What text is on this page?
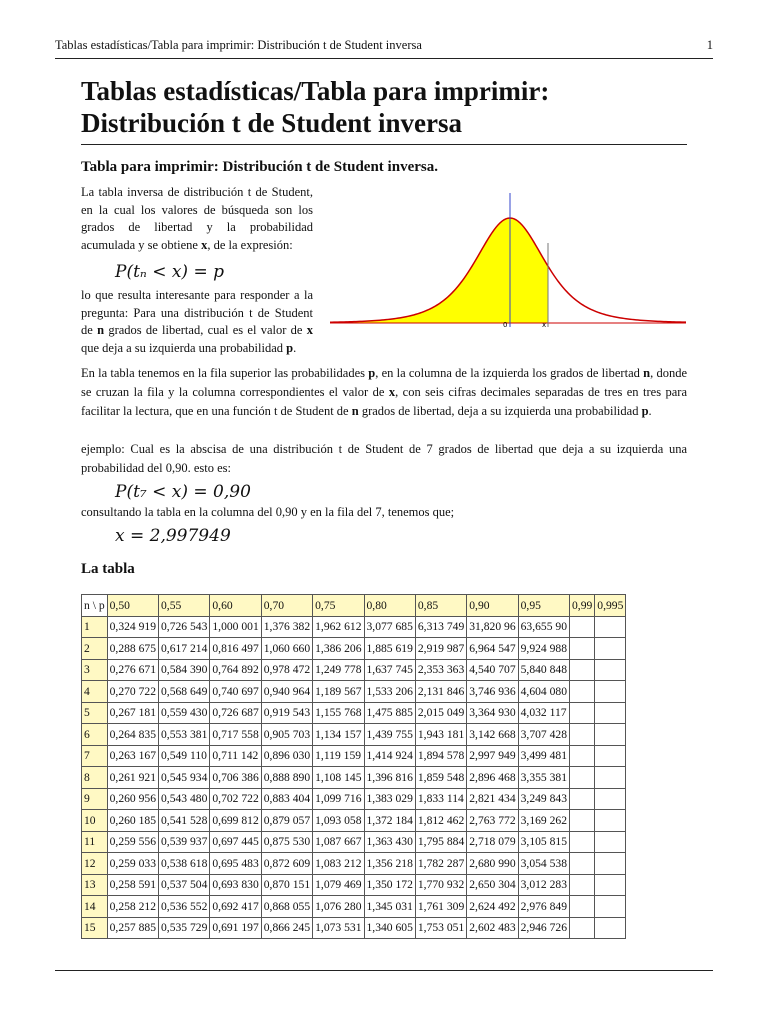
Tablas estadísticas/Tabla para imprimir: Distribución t de Student inversa	1
Tablas estadísticas/Tabla para imprimir:
Distribución t de Student inversa
Tabla para imprimir: Distribución t de Student inversa.

La tabla inversa de distribución t de Student, en la cual los valores de búsqueda son los grados de libertad y la probabilidad acumulada y se obtiene x, de la expresión:

P(tₙ < x) = p

lo que resulta interesante para responder a la pregunta: Para una distribución t de Student de n grados de libertad, cual es el valor de x que deja a su izquierda una probabilidad p.

0	x

En la tabla tenemos en la fila superior las probabilidades p, en la columna de la izquierda los grados de libertad n, donde se cruzan la fila y la columna correspondientes el valor de x, con seis cifras decimales separadas de tres en tres para facilitar la lectura, que en una función t de Student de n grados de libertad, deja a su izquierda una probabilidad p.

ejemplo: Cual es la abscisa de una distribución t de Student de 7 grados de libertad que deja a su izquierda una probabilidad del 0,90. esto es:

P(t₇ < x) = 0,90

consultando la tabla en la columna del 0,90 y en la fila del 7, tenemos que;

x = 2,997949
La tabla
n \ p	0,50	0,55	0,60	0,70	0,75	0,80	0,85	0,90	0,95	0,99	0,995
1	0,324 919	0,726 543	1,000 001	1,376 382	1,962 612	3,077 685	6,313 749	31,820 96	63,655 90		
2	0,288 675	0,617 214	0,816 497	1,060 660	1,386 206	1,885 619	2,919 987	6,964 547	9,924 988		
3	0,276 671	0,584 390	0,764 892	0,978 472	1,249 778	1,637 745	2,353 363	4,540 707	5,840 848		
4	0,270 722	0,568 649	0,740 697	0,940 964	1,189 567	1,533 206	2,131 846	3,746 936	4,604 080		
5	0,267 181	0,559 430	0,726 687	0,919 543	1,155 768	1,475 885	2,015 049	3,364 930	4,032 117		
6	0,264 835	0,553 381	0,717 558	0,905 703	1,134 157	1,439 755	1,943 181	3,142 668	3,707 428		
7	0,263 167	0,549 110	0,711 142	0,896 030	1,119 159	1,414 924	1,894 578	2,997 949	3,499 481		
8	0,261 921	0,545 934	0,706 386	0,888 890	1,108 145	1,396 816	1,859 548	2,896 468	3,355 381		
9	0,260 956	0,543 480	0,702 722	0,883 404	1,099 716	1,383 029	1,833 114	2,821 434	3,249 843		
10	0,260 185	0,541 528	0,699 812	0,879 057	1,093 058	1,372 184	1,812 462	2,763 772	3,169 262		
11	0,259 556	0,539 937	0,697 445	0,875 530	1,087 667	1,363 430	1,795 884	2,718 079	3,105 815		
12	0,259 033	0,538 618	0,695 483	0,872 609	1,083 212	1,356 218	1,782 287	2,680 990	3,054 538		
13	0,258 591	0,537 504	0,693 830	0,870 151	1,079 469	1,350 172	1,770 932	2,650 304	3,012 283		
14	0,258 212	0,536 552	0,692 417	0,868 055	1,076 280	1,345 031	1,761 309	2,624 492	2,976 849		
15	0,257 885	0,535 729	0,691 197	0,866 245	1,073 531	1,340 605	1,753 051	2,602 483	2,946 726		
